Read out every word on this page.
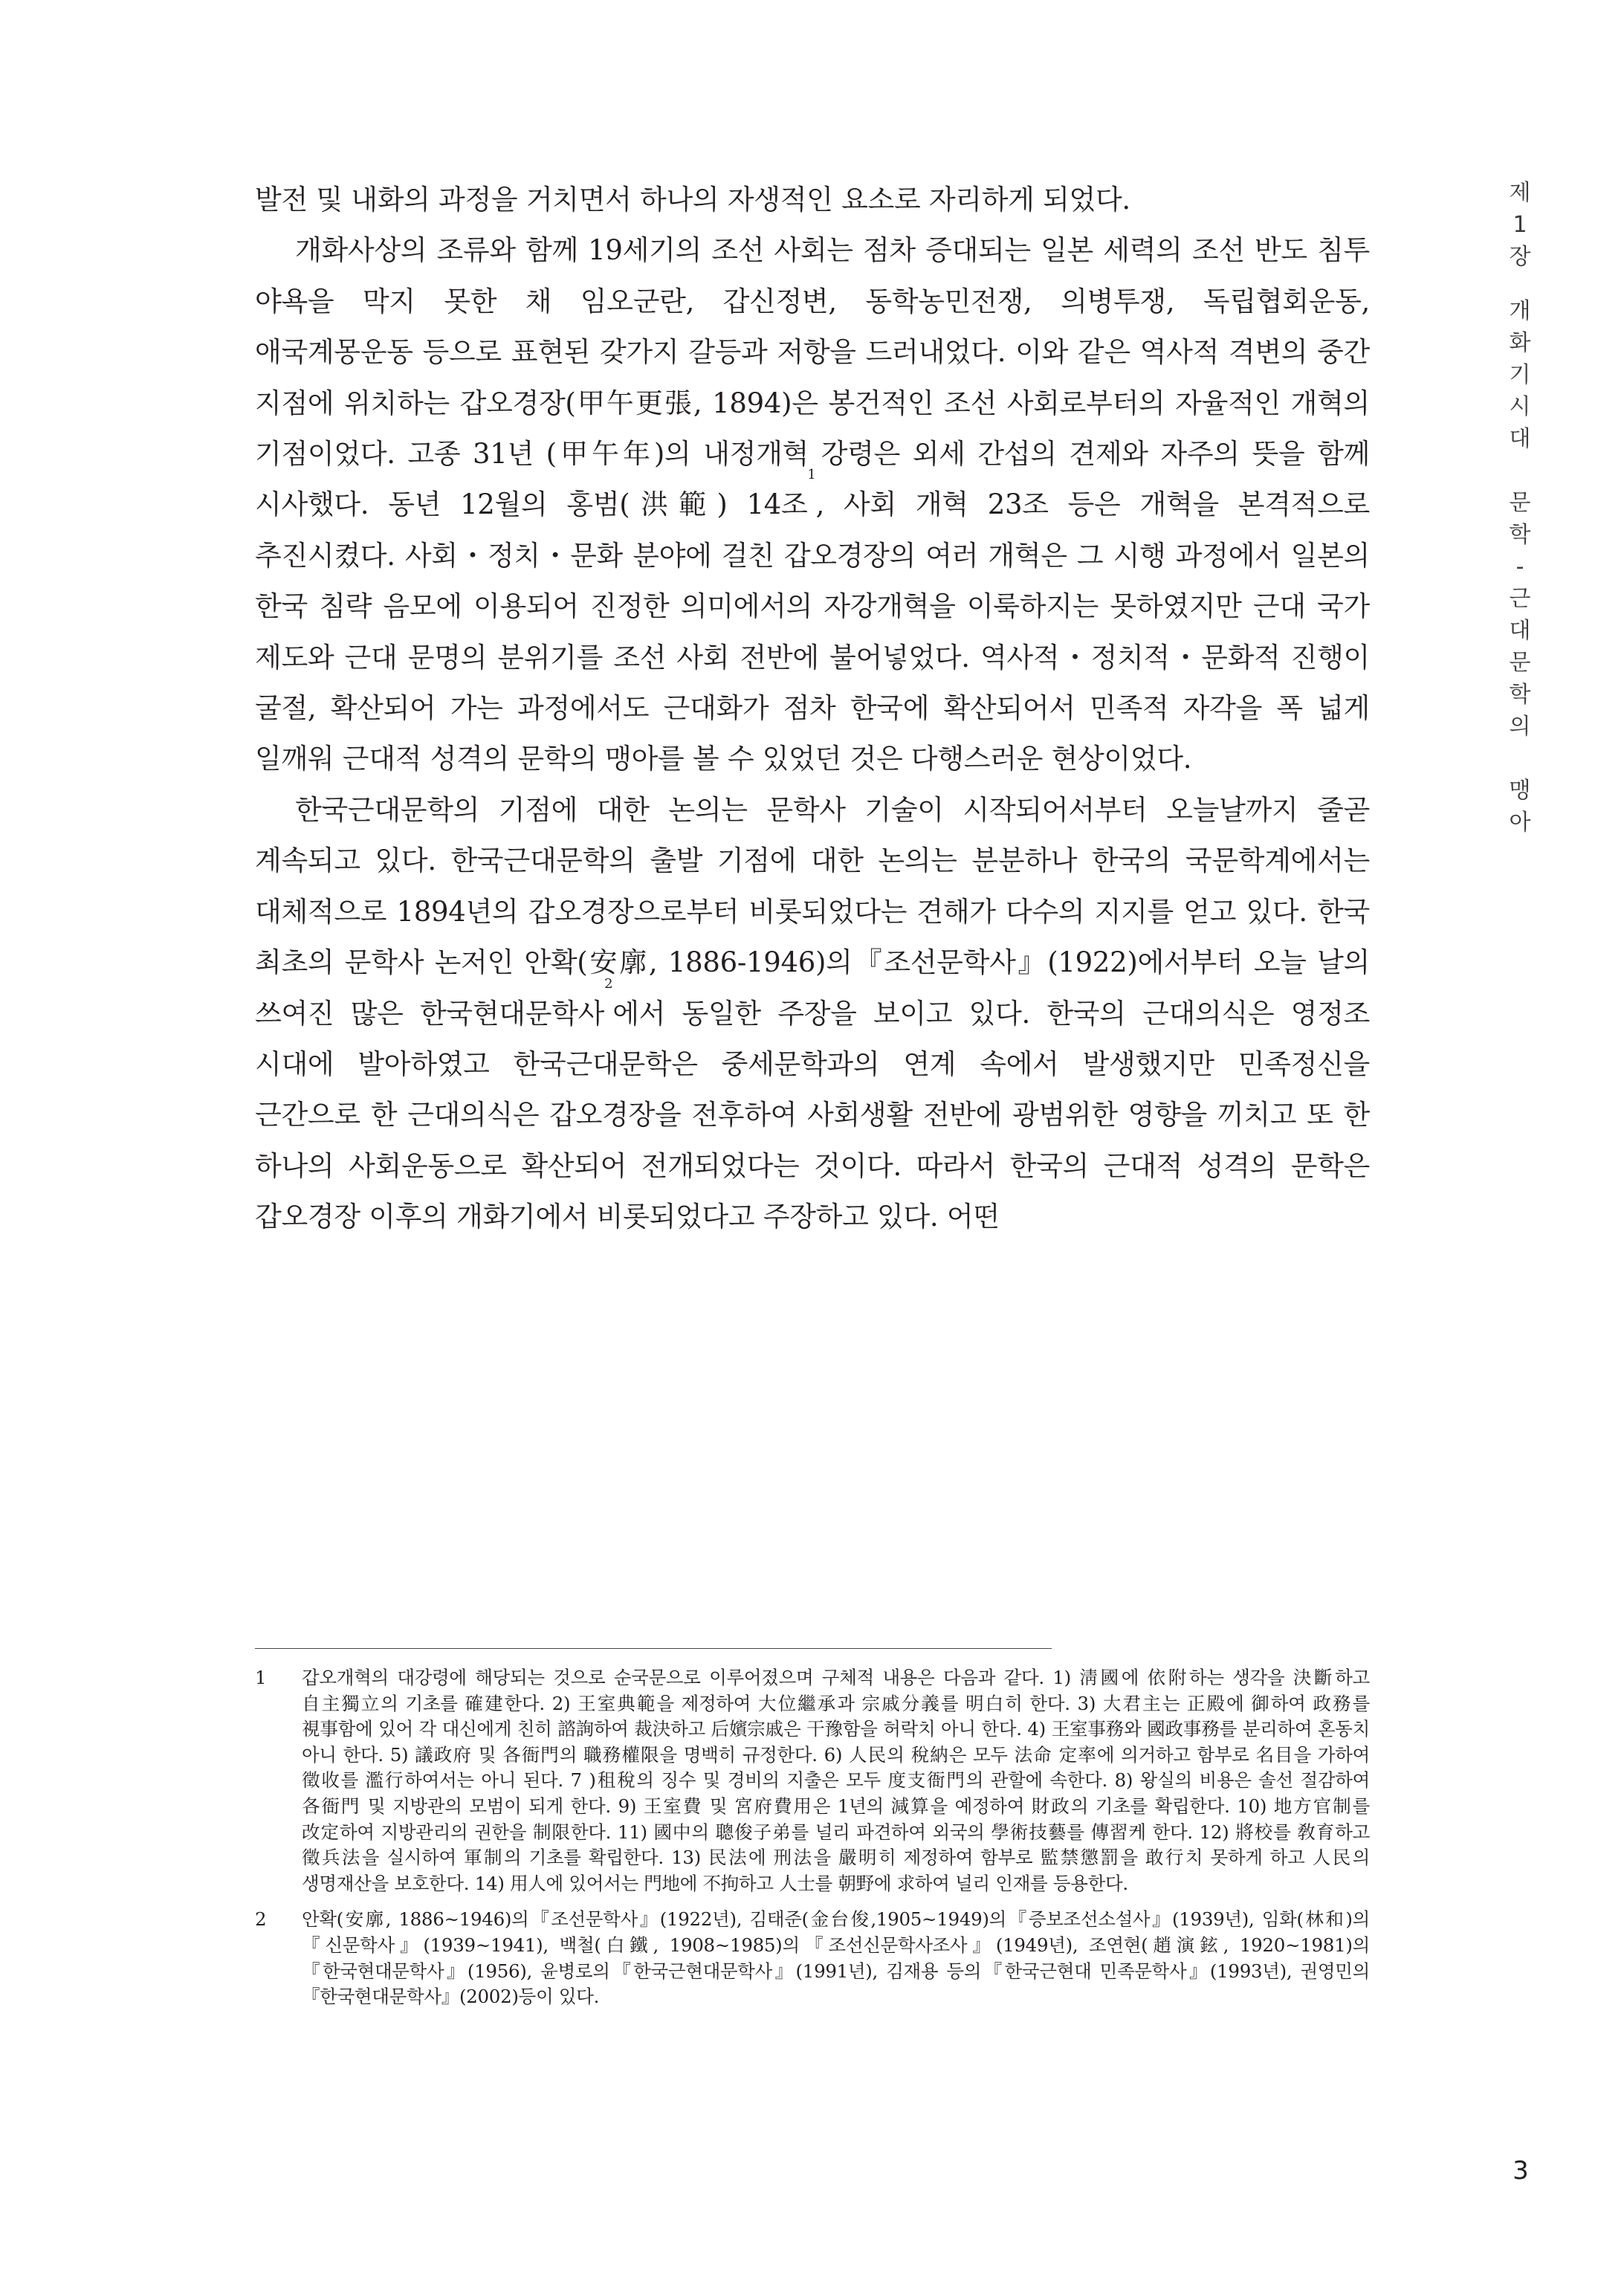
발전 및 내화의 과정을 거치면서 하나의 자생적인 요소로 자리하게 되었다.

개화사상의 조류와 함께 19세기의 조선 사회는 점차 증대되는 일본 세력의 조선 반도 침투 야욕을 막지 못한 채 임오군란, 갑신정변, 동학농민전쟁, 의병투쟁, 독립협회운동, 애국계몽운동 등으로 표현된 갖가지 갈등과 저항을 드러내었다. 이와 같은 역사적 격변의 중간 지점에 위치하는 갑오경장(甲午更張, 1894)은 봉건적인 조선 사회로부터의 자율적인 개혁의 기점이었다. 고종 31년 (甲午年)의 내정개혁 강령은 외세 간섭의 견제와 자주의 뜻을 함께 시사했다. 동년 12월의 홍범(洪範) 14조$^1$, 사회 개혁 23조 등은 개혁을 본격적으로 추진시켰다. 사회・정치・문화 분야에 걸친 갑오경장의 여러 개혁은 그 시행 과정에서 일본의 한국 침략 음모에 이용되어 진정한 의미에서의 자강개혁을 이룩하지는 못하였지만 근대 국가 제도와 근대 문명의 분위기를 조선 사회 전반에 불어넣었다. 역사적・정치적・문화적 진행이 굴절, 확산되어 가는 과정에서도 근대화가 점차 한국에 확산되어서 민족적 자각을 폭 넓게 일깨워 근대적 성격의 문학의 맹아를 볼 수 있었던 것은 다행스러운 현상이었다.

한국근대문학의 기점에 대한 논의는 문학사 기술이 시작되어서부터 오늘날까지 줄곧 계속되고 있다. 한국근대문학의 출발 기점에 대한 논의는 분분하나 한국의 국문학계에서는 대체적으로 1894년의 갑오경장으로부터 비롯되었다는 견해가 다수의 지지를 얻고 있다. 한국 최초의 문학사 논저인 안확(安廓, 1886-1946)의『조선문학사』(1922)에서부터 오늘 날의 쓰여진 많은 한국현대문학사$^2$에서 동일한 주장을 보이고 있다. 한국의 근대의식은 영정조 시대에 발아하였고 한국근대문학은 중세문학과의 연계 속에서 발생했지만 민족정신을 근간으로 한 근대의식은 갑오경장을 전후하여 사회생활 전반에 광범위한 영향을 끼치고 또 한 하나의 사회운동으로 확산되어 전개되었다는 것이다. 따라서 한국의 근대적 성격의 문학은 갑오경장 이후의 개화기에서 비롯되었다고 주장하고 있다. 어떤

1 갑오개혁의 대강령에 해당되는 것으로 순국문으로 이루어졌으며 구체적 내용은 다음과 같다. 1) 淸國에 依附하는 생각을 決斷하고 自主獨立의 기초를 確建한다. 2) 王室典範을 제정하여 大位繼承과 宗戚分義를 明白히 한다. 3) 大君主는 正殿에 御하여 政務를 視事함에 있어 각 대신에게 친히 諮詢하여 裁決하고 后嬪宗戚은 干豫함을 허락치 아니 한다. 4) 王室事務와 國政事務를 분리하여 혼동치 아니 한다. 5) 議政府 및 各衙門의 職務權限을 명백히 규정한다. 6) 人民의 稅納은 모두 法命 定率에 의거하고 함부로 名目을 가하여 徵收를 濫行하여서는 아니 된다. 7 )租稅의 징수 및 경비의 지출은 모두 度支衙門의 관할에 속한다. 8) 왕실의 비용은 솔선 절감하여 各衙門 및 지방관의 모범이 되게 한다. 9) 王室費 및 宮府費用은 1년의 減算을 예정하여 財政의 기초를 확립한다. 10) 地方官制를 改定하여 지방관리의 권한을 制限한다. 11) 國中의 聰俊子弟를 널리 파견하여 외국의 學術技藝를 傳習케 한다. 12) 將校를 敎育하고 徵兵法을 실시하여 軍制의 기초를 확립한다. 13) 民法에 刑法을 嚴明히 제정하여 함부로 監禁懲罰을 敢行치 못하게 하고 人民의 생명재산을 보호한다. 14) 用人에 있어서는 門地에 不拘하고 人士를 朝野에 求하여 널리 인재를 등용한다.
2 안확(安廓, 1886~1946)의『조선문학사』(1922년), 김태준(金台俊,1905~1949)의『증보조선소설사』(1939년), 임화(林和)의『신문학사』(1939~1941), 백철(白鐵, 1908~1985)의『조선신문학사조사』(1949년), 조연현(趙演鉉, 1920~1981)의『한국현대문학사』(1956), 윤병로의『한국근현대문학사』(1991년), 김재용 등의『한국근현대 민족문학사』(1993년), 권영민의『한국현대문학사』(2002)등이 있다.
제
1
장
개
화
기
시
대

문
학
-
근
대
문
학
의

맹
아
3
